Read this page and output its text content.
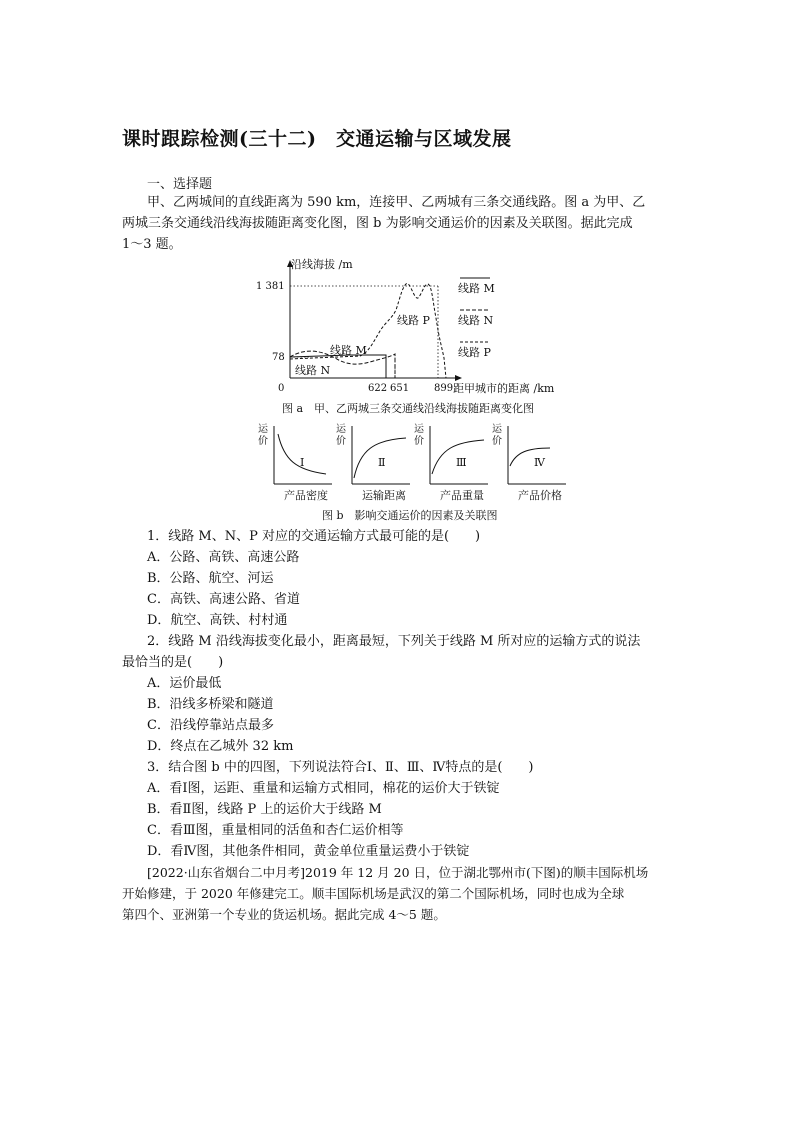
课时跟踪检测(三十二)　交通运输与区域发展
一、选择题
甲、乙两城间的直线距离为 590 km，连接甲、乙两城有三条交通线路。图 a 为甲、乙
两城三条交通线沿线海拔随距离变化图，图 b 为影响交通运价的因素及关联图。据此完成
1～3 题。
沿线海拔 /m
1 381
78
0	622 651 899 距甲城市的距离 /km
线路 M
线路 N
线路 P
线路 M
线路 N
线路 P
图 a　甲、乙两城三条交通线沿线海拔随距离变化图
运
价
Ⅰ
产品密度
运
价
Ⅱ
运输距离
运
价
Ⅲ
产品重量
运
价
Ⅳ
产品价格
图 b　影响交通运价的因素及关联图
1．线路 M、N、P 对应的交通运输方式最可能的是(　　)
A．公路、高铁、高速公路
B．公路、航空、河运
C．高铁、高速公路、省道
D．航空、高铁、村村通
2．线路 M 沿线海拔变化最小，距离最短，下列关于线路 M 所对应的运输方式的说法
最恰当的是(　　)
A．运价最低
B．沿线多桥梁和隧道
C．沿线停靠站点最多
D．终点在乙城外 32 km
3．结合图 b 中的四图，下列说法符合Ⅰ、Ⅱ、Ⅲ、Ⅳ特点的是(　　)
A．看Ⅰ图，运距、重量和运输方式相同，棉花的运价大于铁锭
B．看Ⅱ图，线路 P 上的运价大于线路 M
C．看Ⅲ图，重量相同的活鱼和杏仁运价相等
D．看Ⅳ图，其他条件相同，黄金单位重量运费小于铁锭
[2022·山东省烟台二中月考]2019 年 12 月 20 日，位于湖北鄂州市(下图)的顺丰国际机场
开始修建，于 2020 年修建完工。顺丰国际机场是武汉的第二个国际机场，同时也成为全球
第四个、亚洲第一个专业的货运机场。据此完成 4～5 题。
